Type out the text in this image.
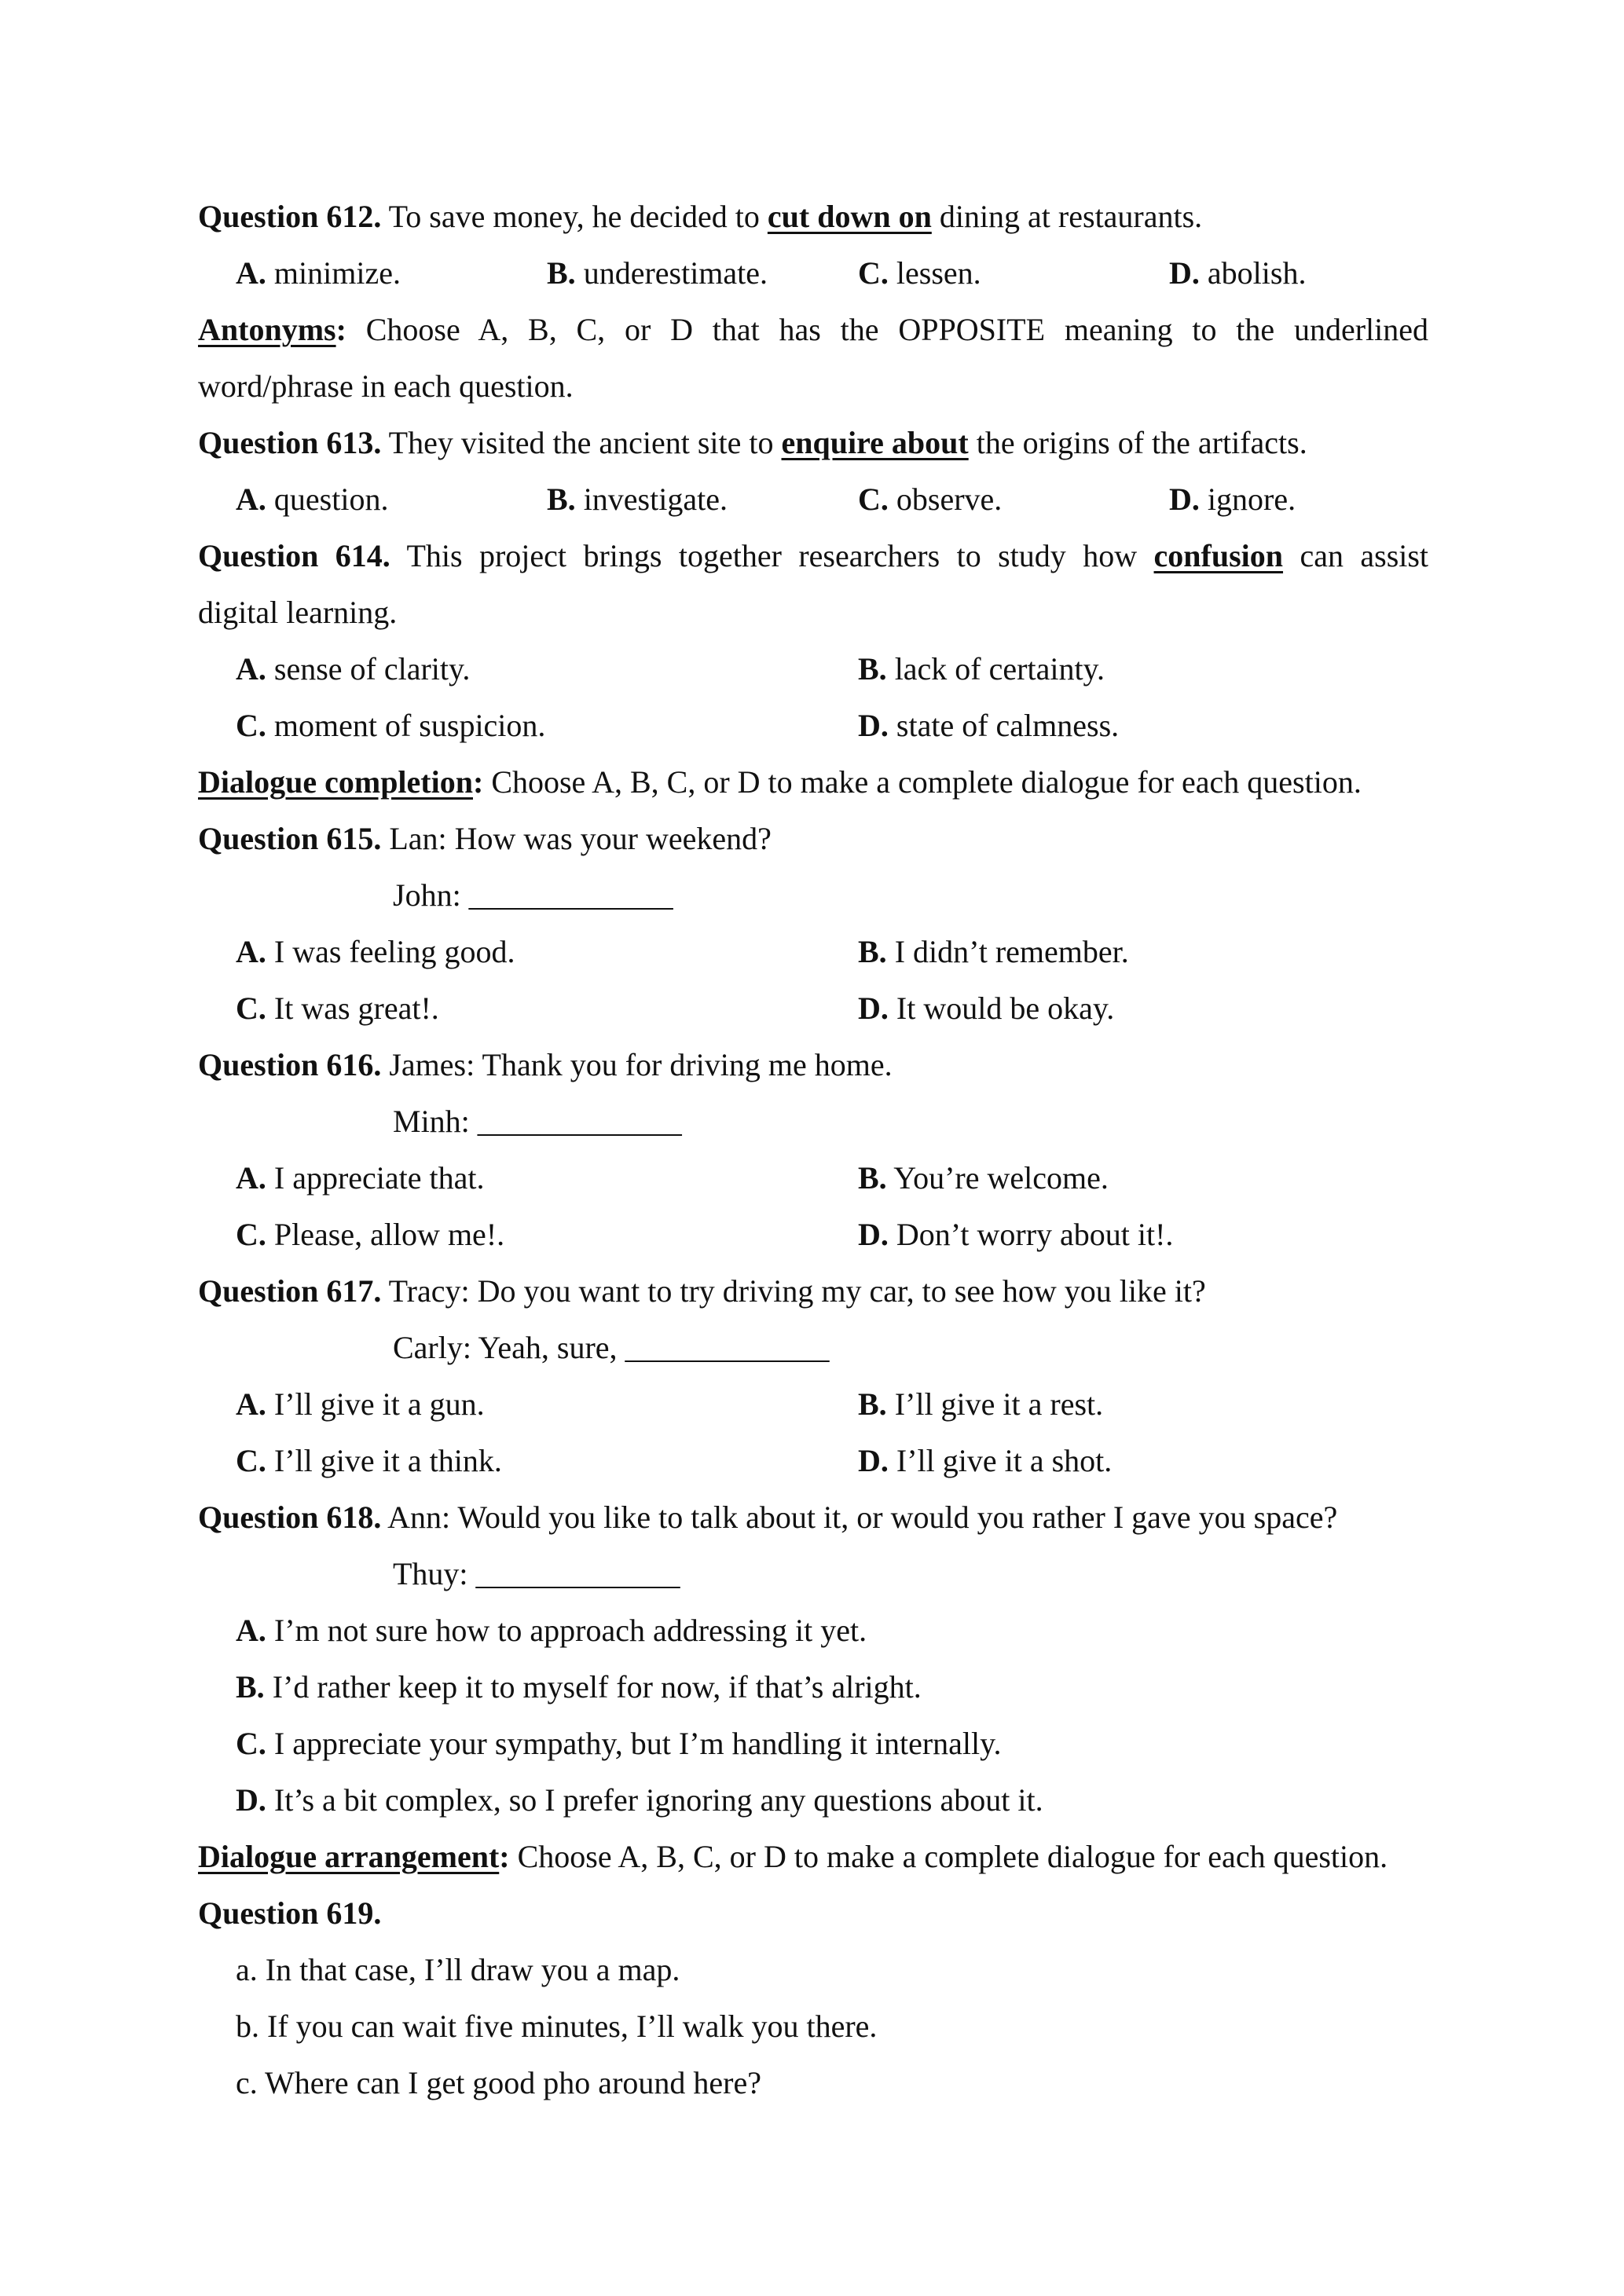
Question 612. To save money, he decided to cut down on dining at restaurants.
A. minimize.	B. underestimate.	C. lessen.	D. abolish.
Antonyms: Choose A, B, C, or D that has the OPPOSITE meaning to the underlined
word/phrase in each question.
Question 613. They visited the ancient site to enquire about the origins of the artifacts.
A. question.	B. investigate.	C. observe.	D. ignore.
Question 614. This project brings together researchers to study how confusion can assist
digital learning.
A. sense of clarity.	B. lack of certainty.
C. moment of suspicion.	D. state of calmness.
Dialogue completion: Choose A, B, C, or D to make a complete dialogue for each question.
Question 615. Lan: How was your weekend?
John: _____________
A. I was feeling good.	B. I didn’t remember.
C. It was great!.	D. It would be okay.
Question 616. James: Thank you for driving me home.
Minh: _____________
A. I appreciate that.	B. You’re welcome.
C. Please, allow me!.	D. Don’t worry about it!.
Question 617. Tracy: Do you want to try driving my car, to see how you like it?
Carly: Yeah, sure, _____________
A. I’ll give it a gun.	B. I’ll give it a rest.
C. I’ll give it a think.	D. I’ll give it a shot.
Question 618. Ann: Would you like to talk about it, or would you rather I gave you space?
Thuy: _____________
A. I’m not sure how to approach addressing it yet.
B. I’d rather keep it to myself for now, if that’s alright.
C. I appreciate your sympathy, but I’m handling it internally.
D. It’s a bit complex, so I prefer ignoring any questions about it.
Dialogue arrangement: Choose A, B, C, or D to make a complete dialogue for each question.
Question 619.
a. In that case, I’ll draw you a map.
b. If you can wait five minutes, I’ll walk you there.
c. Where can I get good pho around here?
